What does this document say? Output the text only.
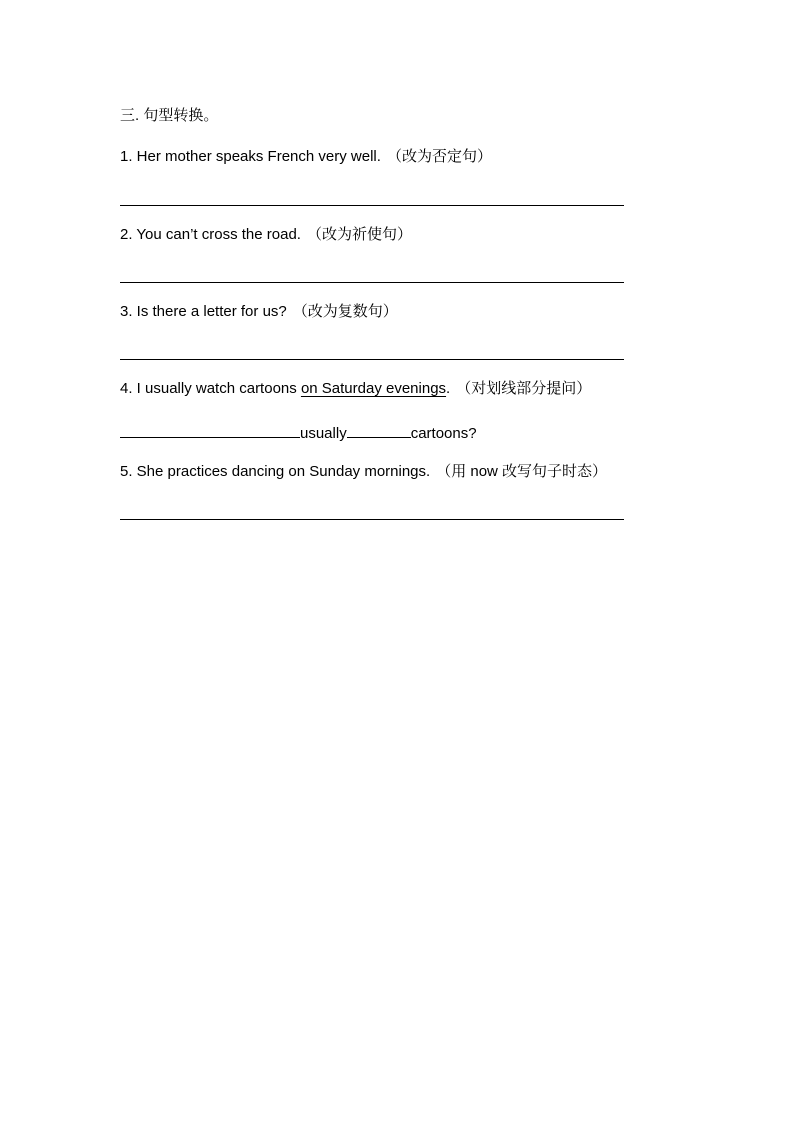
三. 句型转换。
1. Her mother speaks French very well. （改为否定句）
2. You can’t cross the road. （改为祈使句）
3. Is there a letter for us? （改为复数句）
4. I usually watch cartoons on Saturday evenings. （对划线部分提问）
usually	cartoons?
5. She practices dancing on Sunday mornings. （用 now 改写句子时态）
